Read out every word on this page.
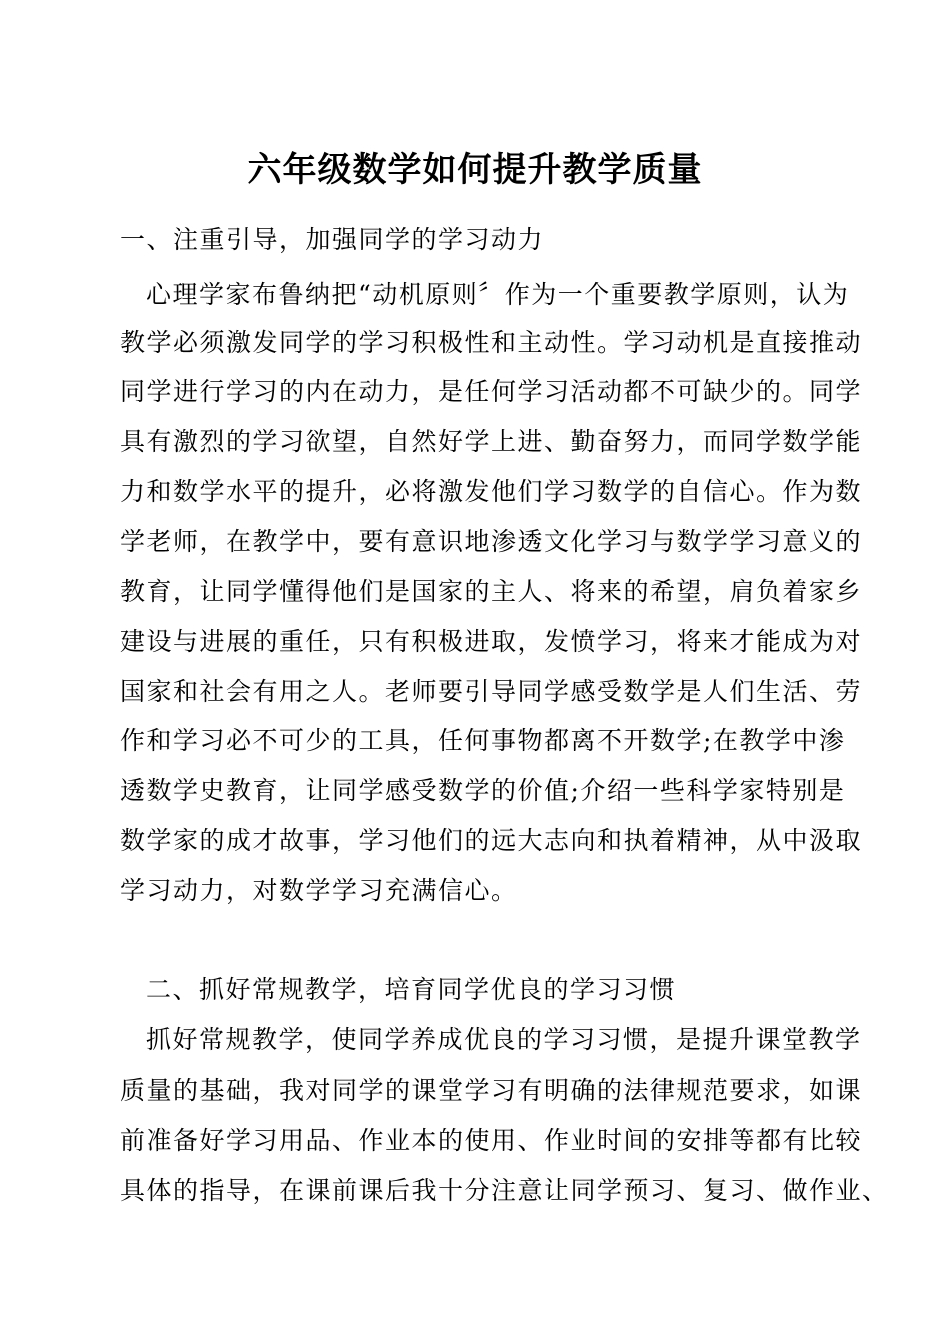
六年级数学如何提升教学质量
一、注重引导，加强同学的学习动力
心理学家布鲁纳把“动机原则〞作为一个重要教学原则，认为
教学必须激发同学的学习积极性和主动性。学习动机是直接推动
同学进行学习的内在动力，是任何学习活动都不可缺少的。同学
具有激烈的学习欲望，自然好学上进、勤奋努力，而同学数学能
力和数学水平的提升，必将激发他们学习数学的自信心。作为数
学老师，在教学中，要有意识地渗透文化学习与数学学习意义的
教育，让同学懂得他们是国家的主人、将来的希望，肩负着家乡
建设与进展的重任，只有积极进取，发愤学习，将来才能成为对
国家和社会有用之人。老师要引导同学感受数学是人们生活、劳
作和学习必不可少的工具，任何事物都离不开数学;在教学中渗
透数学史教育，让同学感受数学的价值;介绍一些科学家特别是
数学家的成才故事，学习他们的远大志向和执着精神，从中汲取
学习动力，对数学学习充满信心。
二、抓好常规教学，培育同学优良的学习习惯
抓好常规教学，使同学养成优良的学习习惯，是提升课堂教学
质量的基础，我对同学的课堂学习有明确的法律规范要求，如课
前准备好学习用品、作业本的使用、作业时间的安排等都有比较
具体的指导，在课前课后我十分注意让同学预习、复习、做作业、
